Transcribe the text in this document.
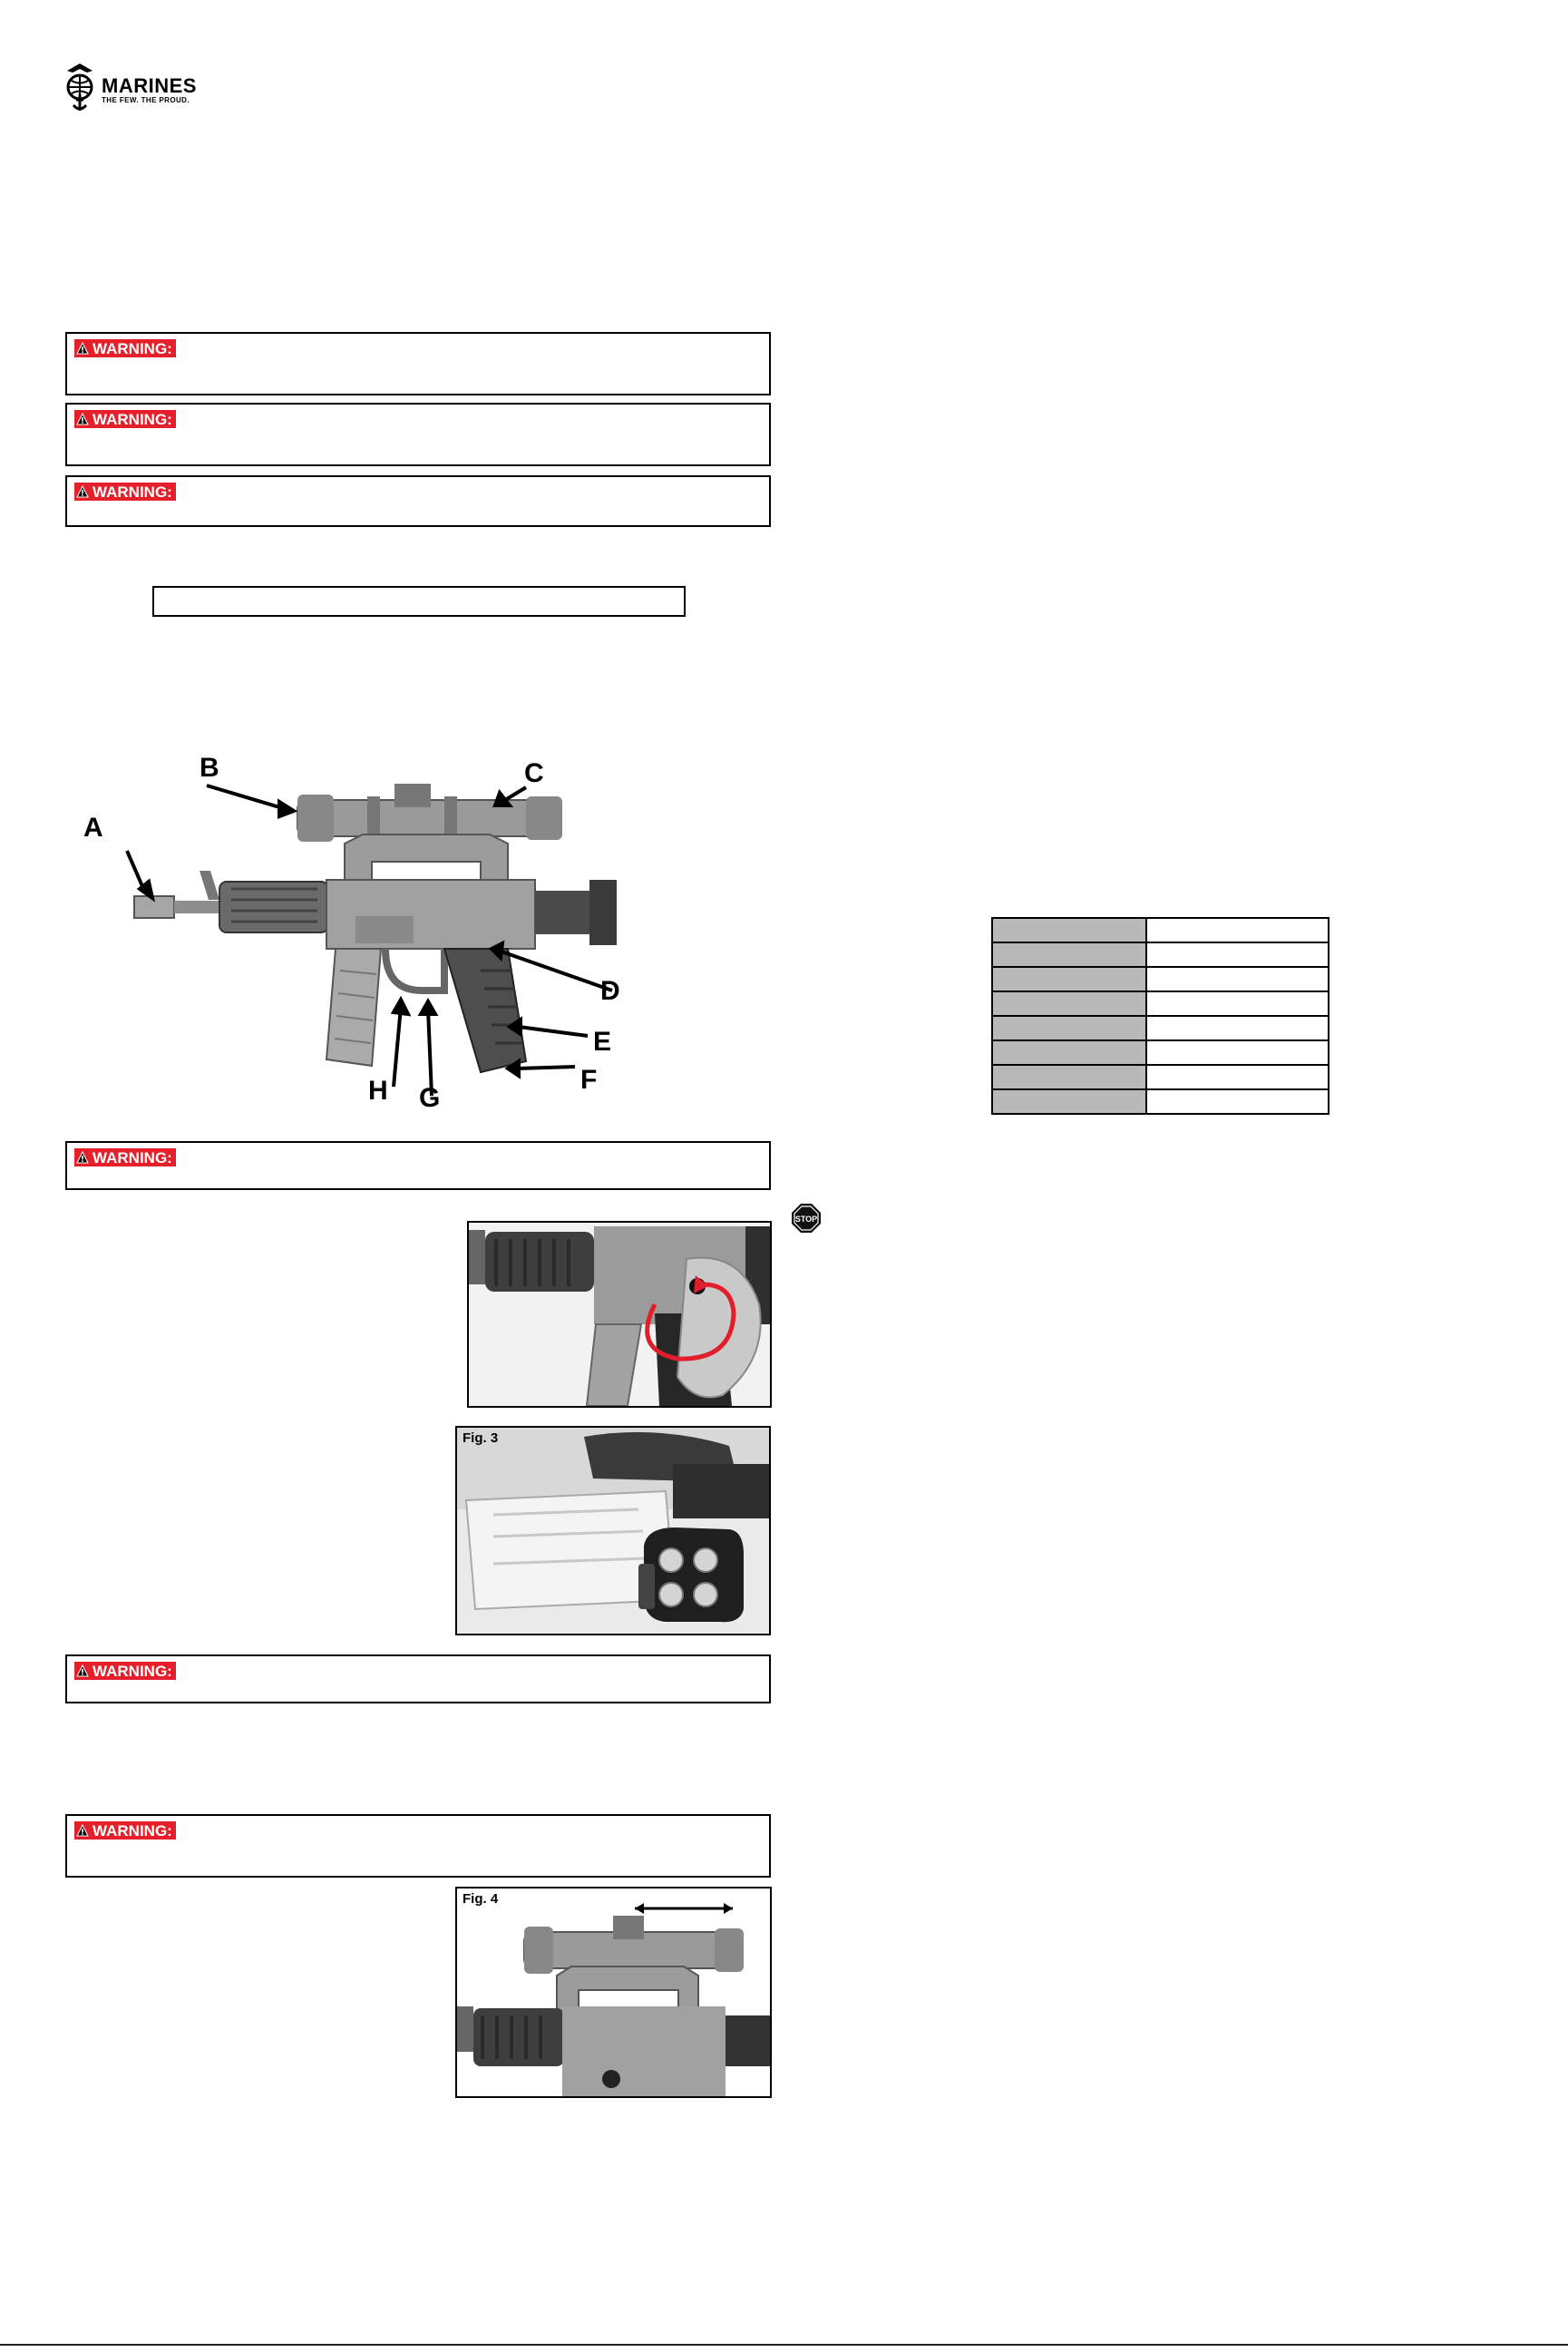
MARINES
THE FEW. THE PROUD.
WARNING:
WARNING:
WARNING:
A
B	C
D
E
F
G
H
WARNING:
Fig. 3
WARNING:
WARNING:
Fig. 4

STOP
